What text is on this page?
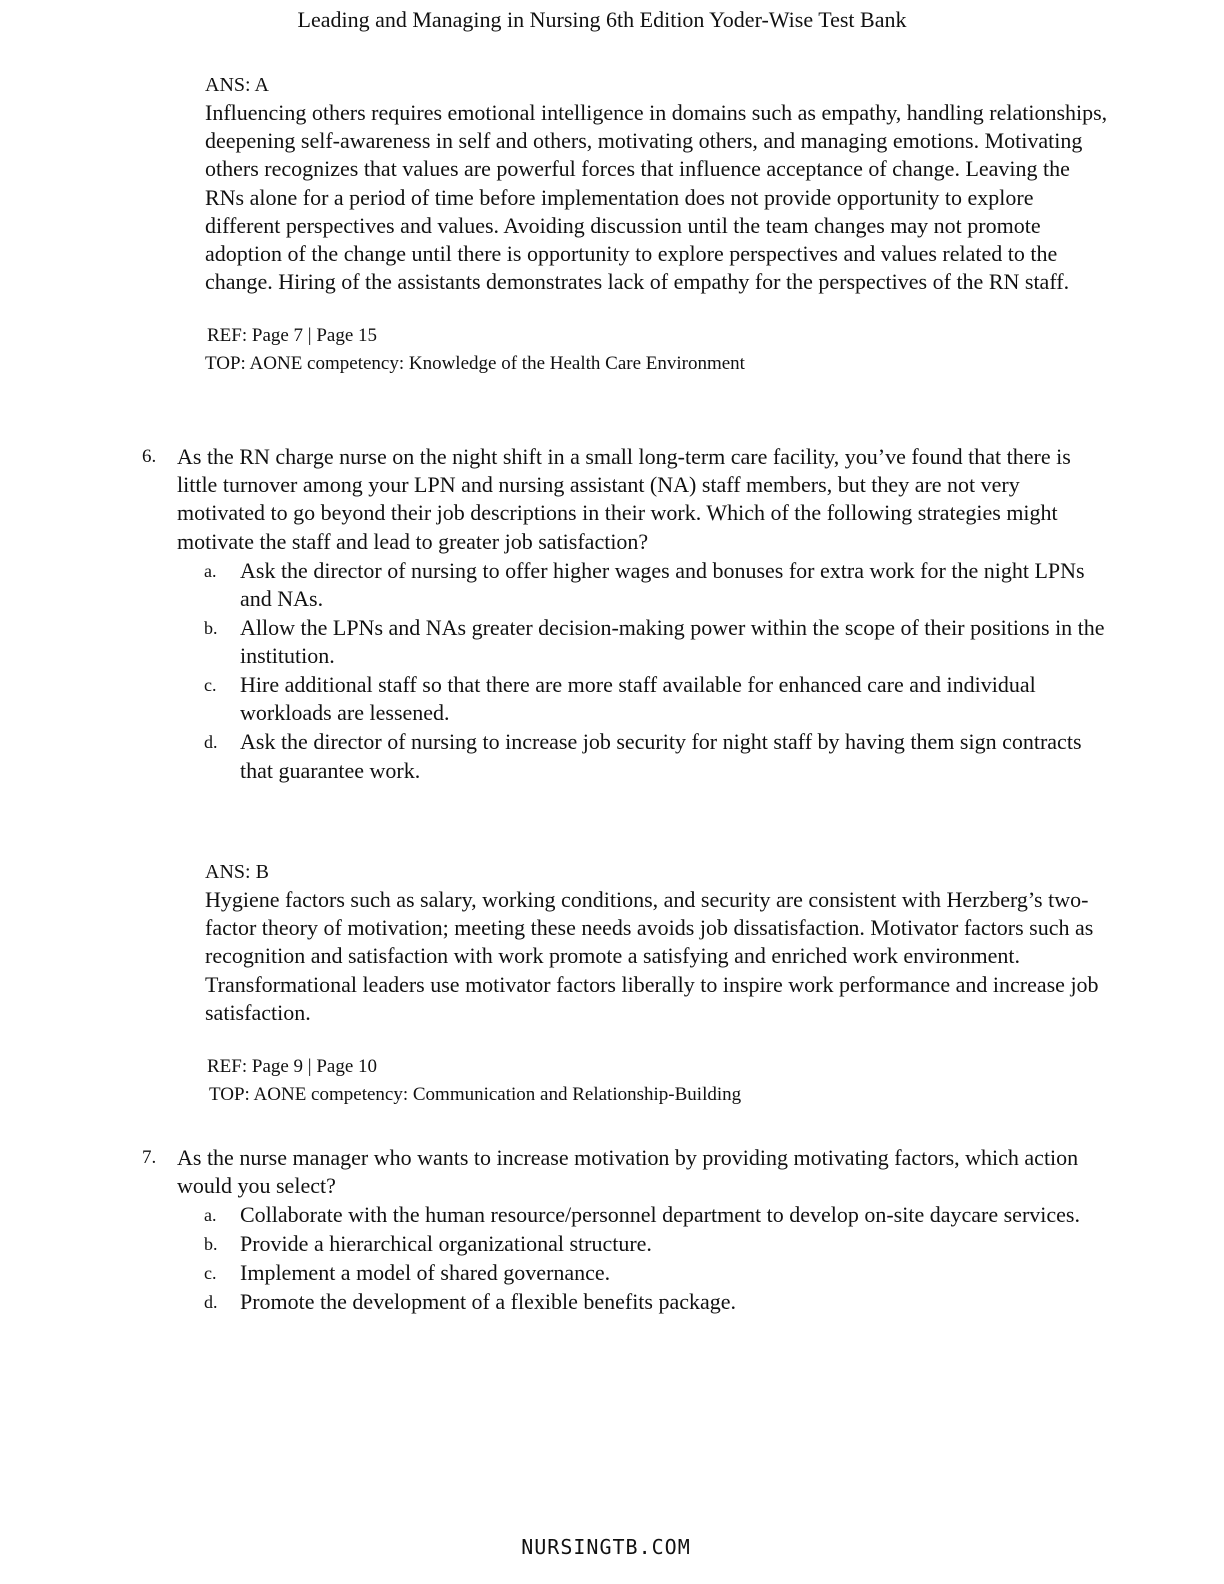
Leading and Managing in Nursing 6th Edition Yoder-Wise Test Bank
ANS: A

Influencing others requires emotional intelligence in domains such as empathy, handling relationships, deepening self-awareness in self and others, motivating others, and managing emotions. Motivating others recognizes that values are powerful forces that influence acceptance of change. Leaving the RNs alone for a period of time before implementation does not provide opportunity to explore different perspectives and values. Avoiding discussion until the team changes may not promote adoption of the change until there is opportunity to explore perspectives and values related to the change. Hiring of the assistants demonstrates lack of empathy for the perspectives of the RN staff.

REF: Page 7 | Page 15
TOP: AONE competency: Knowledge of the Health Care Environment
6. As the RN charge nurse on the night shift in a small long-term care facility, you’ve found that there is little turnover among your LPN and nursing assistant (NA) staff members, but they are not very motivated to go beyond their job descriptions in their work. Which of the following strategies might motivate the staff and lead to greater job satisfaction?
a.	Ask the director of nursing to offer higher wages and bonuses for extra work for the night LPNs and NAs.
b.	Allow the LPNs and NAs greater decision-making power within the scope of their positions in the institution.
c.	Hire additional staff so that there are more staff available for enhanced care and individual workloads are lessened.
d.	Ask the director of nursing to increase job security for night staff by having them sign contracts that guarantee work.
ANS: B

Hygiene factors such as salary, working conditions, and security are consistent with Herzberg’s two-factor theory of motivation; meeting these needs avoids job dissatisfaction. Motivator factors such as recognition and satisfaction with work promote a satisfying and enriched work environment. Transformational leaders use motivator factors liberally to inspire work performance and increase job satisfaction.

REF: Page 9 | Page 10
TOP: AONE competency: Communication and Relationship-Building
7. As the nurse manager who wants to increase motivation by providing motivating factors, which action would you select?
a.	Collaborate with the human resource/personnel department to develop on-site daycare services.
b.	Provide a hierarchical organizational structure.
c.	Implement a model of shared governance.
d.	Promote the development of a flexible benefits package.
NURSINGTB.COM
